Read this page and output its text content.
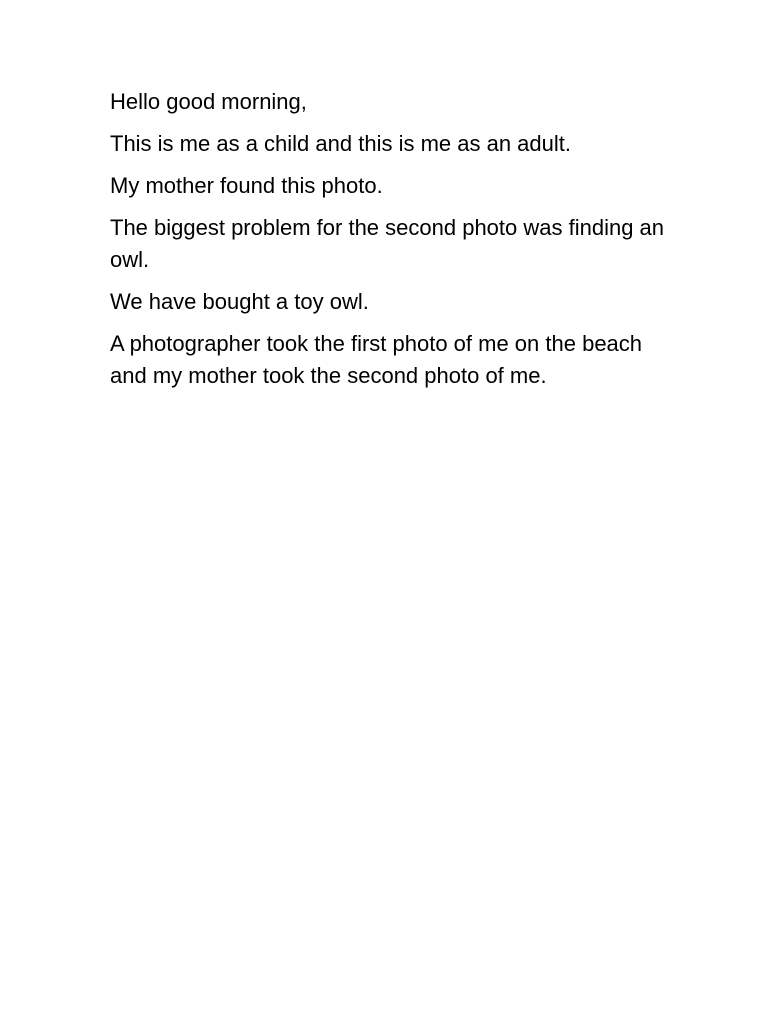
Hello good morning,

This is me as a child and this is me as an adult.

My mother found this photo.

The biggest problem for the second photo was finding an owl.

We have bought a toy owl.

A photographer took the first photo of me on the beach and my mother took the second photo of me.
